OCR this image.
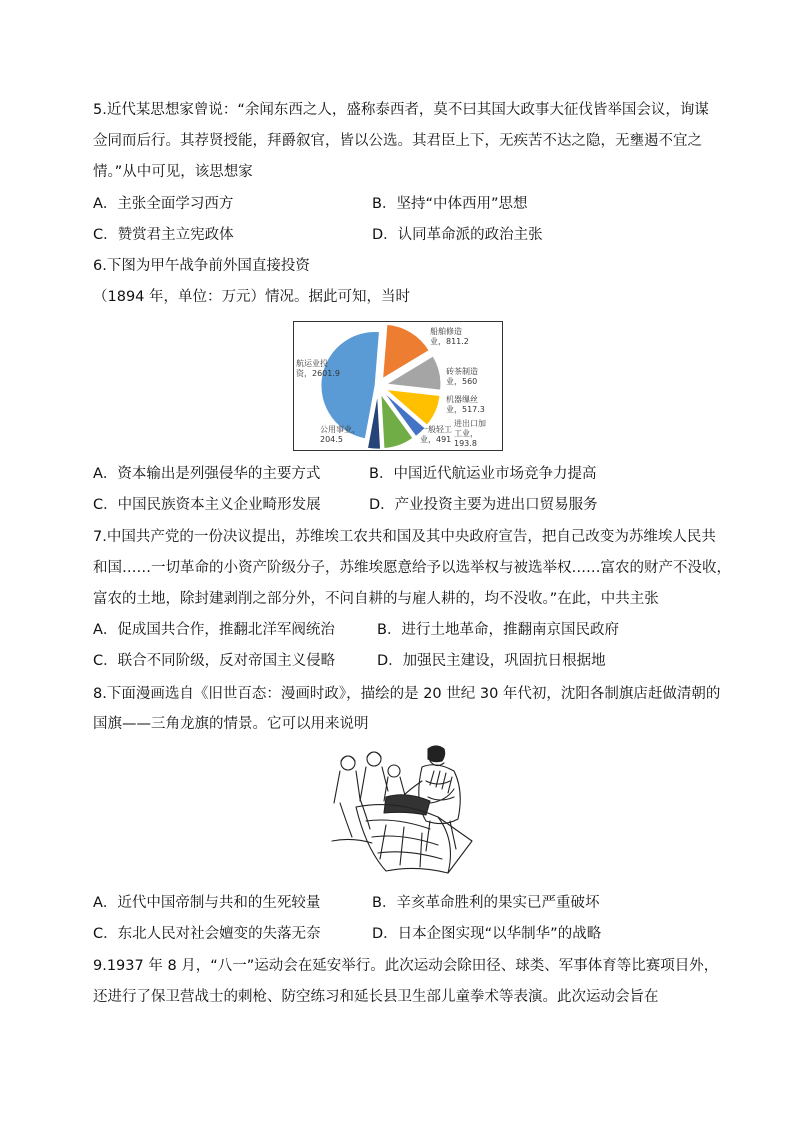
5.近代某思想家曾说：“余闻东西之人，盛称泰西者，莫不曰其国大政事大征伐皆举国会议，询谋
佥同而后行。其荐贤授能，拜爵叙官，皆以公选。其君臣上下，无疾苦不达之隐，无壅遏不宜之
情。”从中可见，该思想家
A．主张全面学习西方	B．坚持“中体西用”思想
C．赞赏君主立宪政体	D．认同革命派的政治主张
6.下图为甲午战争前外国直接投资
（1894 年，单位：万元）情况。据此可知，当时
航运业投资，2601.9
船舶修造业，811.2
砖茶制造业，560
机器缫丝业，517.3
进出口加工业， 193.8
一般轻工业，491
公用事业， 204.5
A．资本输出是列强侵华的主要方式	B．中国近代航运业市场竞争力提高
C．中国民族资本主义企业畸形发展	D．产业投资主要为进出口贸易服务
7.中国共产党的一份决议提出，苏维埃工农共和国及其中央政府宣告，把自己改变为苏维埃人民共
和国……一切革命的小资产阶级分子，苏维埃愿意给予以选举权与被选举权……富农的财产不没收，
富农的土地，除封建剥削之部分外，不问自耕的与雇人耕的，均不没收。”在此，中共主张
A．促成国共合作，推翻北洋军阀统治	B．进行土地革命，推翻南京国民政府
C．联合不同阶级，反对帝国主义侵略	D．加强民主建设，巩固抗日根据地
8.下面漫画选自《旧世百态：漫画时政》，描绘的是 20 世纪 30 年代初，沈阳各制旗店赶做清朝的
国旗——三角龙旗的情景。它可以用来说明
A．近代中国帝制与共和的生死较量	B．辛亥革命胜利的果实已严重破坏
C．东北人民对社会嬗变的失落无奈	D．日本企图实现“以华制华”的战略
9.1937 年 8 月，“八一”运动会在延安举行。此次运动会除田径、球类、军事体育等比赛项目外，
还进行了保卫营战士的刺枪、防空练习和延长县卫生部儿童拳术等表演。此次运动会旨在
